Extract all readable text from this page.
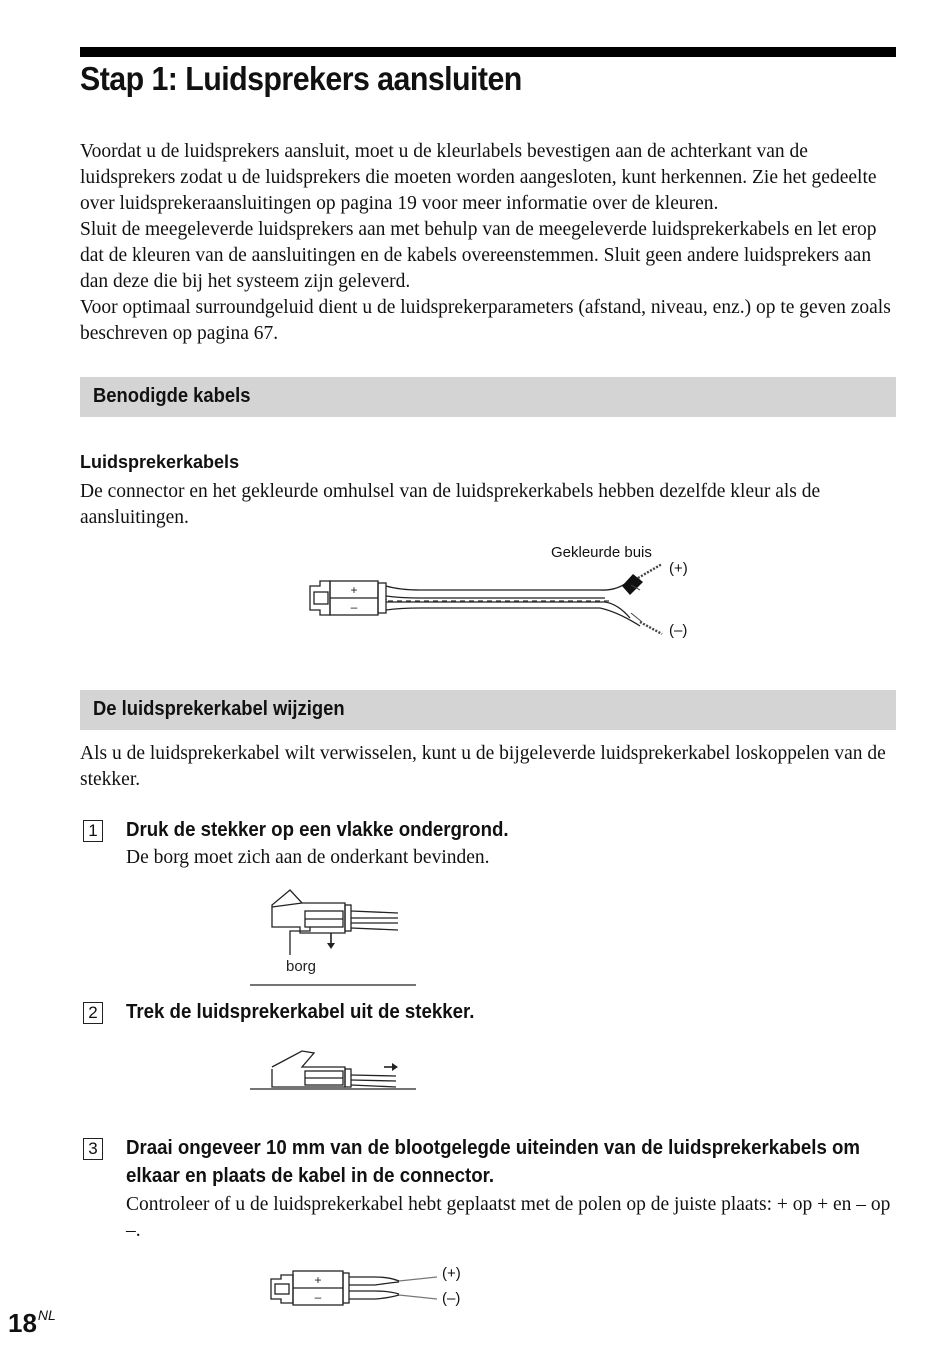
Stap 1: Luidsprekers aansluiten

Voordat u de luidsprekers aansluit, moet u de kleurlabels bevestigen aan de achterkant van de luidsprekers zodat u de luidsprekers die moeten worden aangesloten, kunt herkennen. Zie het gedeelte over luidsprekeraansluitingen op pagina 19 voor meer informatie over de kleuren.

Sluit de meegeleverde luidsprekers aan met behulp van de meegeleverde luidsprekerkabels en let erop dat de kleuren van de aansluitingen en de kabels overeenstemmen. Sluit geen andere luidsprekers aan dan deze die bij het systeem zijn geleverd.

Voor optimaal surroundgeluid dient u de luidsprekerparameters (afstand, niveau, enz.) op te geven zoals beschreven op pagina 67.

Benodigde kabels
Luidsprekerkabels
De connector en het gekleurde omhulsel van de luidsprekerkabels hebben dezelfde kleur als de aansluitingen.
Gekleurde buis
(+)
(–)
+
–
De luidsprekerkabel wijzigen
Als u de luidsprekerkabel wilt verwisselen, kunt u de bijgeleverde luidsprekerkabel loskoppelen van de stekker.
1 Druk de stekker op een vlakke ondergrond.
De borg moet zich aan de onderkant bevinden.
borg
2 Trek de luidsprekerkabel uit de stekker.
3 Draai ongeveer 10 mm van de blootgelegde uiteinden van de luidsprekerkabels om elkaar en plaats de kabel in de connector.
Controleer of u de luidsprekerkabel hebt geplaatst met de polen op de juiste plaats: + op + en – op –.
(+)
(–)
+
–
$18^{NL}$
